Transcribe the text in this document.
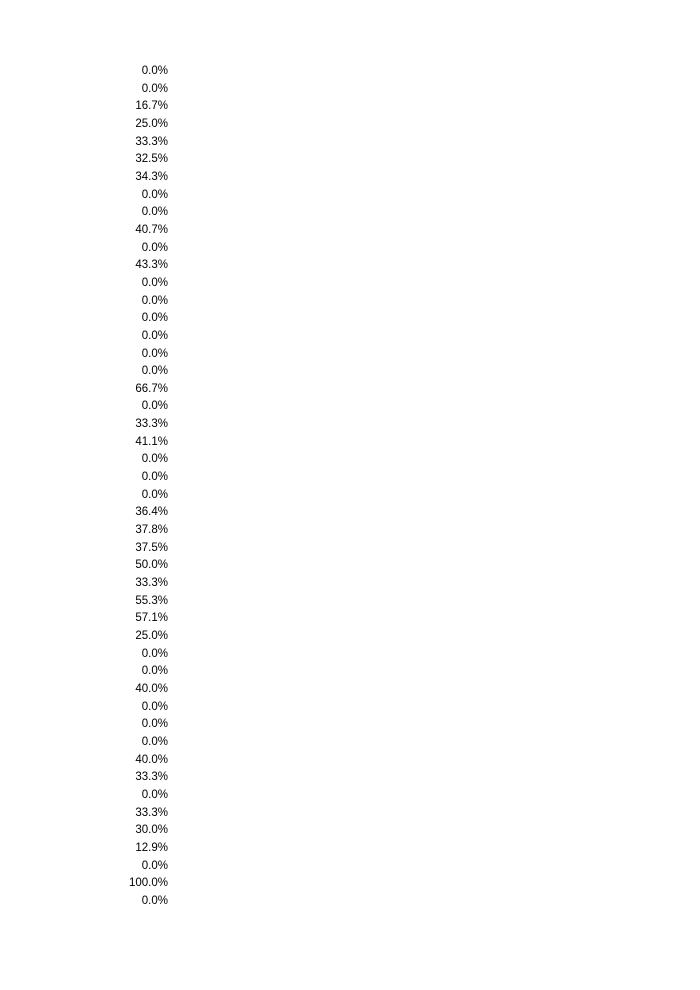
0.0%
0.0%
16.7%
25.0%
33.3%
32.5%
34.3%
0.0%
0.0%
40.7%
0.0%
43.3%
0.0%
0.0%
0.0%
0.0%
0.0%
0.0%
66.7%
0.0%
33.3%
41.1%
0.0%
0.0%
0.0%
36.4%
37.8%
37.5%
50.0%
33.3%
55.3%
57.1%
25.0%
0.0%
0.0%
40.0%
0.0%
0.0%
0.0%
40.0%
33.3%
0.0%
33.3%
30.0%
12.9%
0.0%
100.0%
0.0%
